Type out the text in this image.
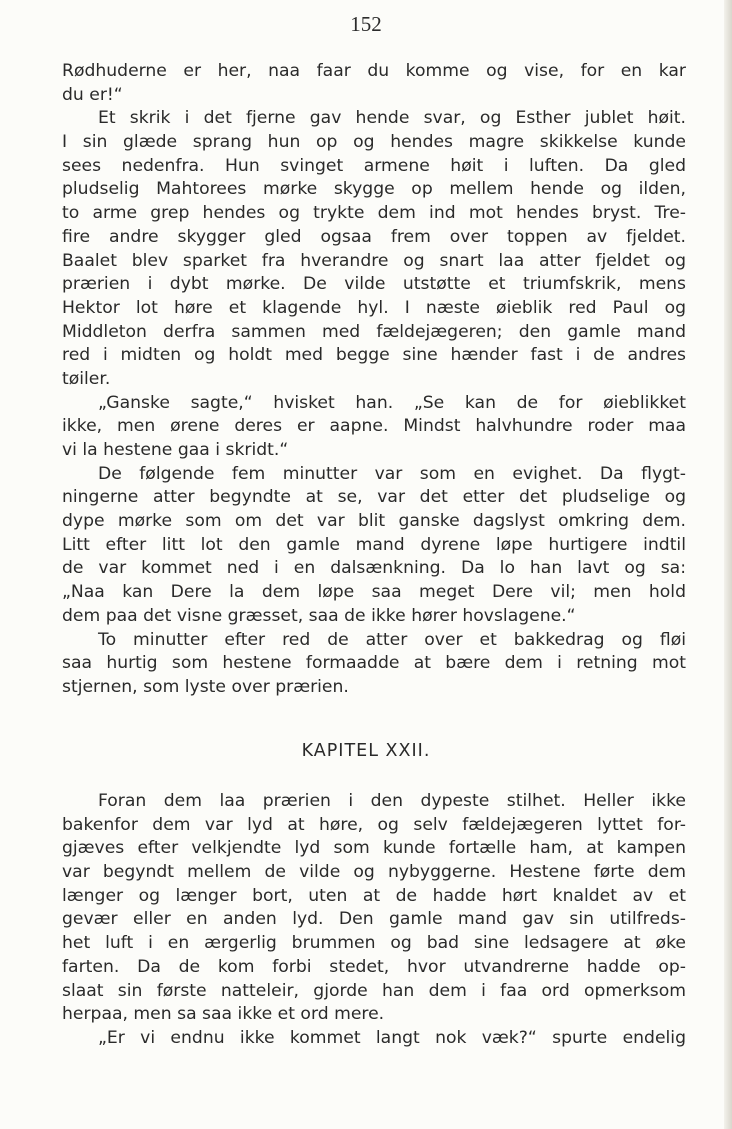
152
Rødhuderne er her, naa faar du komme og vise, for en kar
du er!“
Et skrik i det fjerne gav hende svar, og Esther jublet høit.
I sin glæde sprang hun op og hendes magre skikkelse kunde
sees nedenfra. Hun svinget armene høit i luften. Da gled
pludselig Mahtorees mørke skygge op mellem hende og ilden,
to arme grep hendes og trykte dem ind mot hendes bryst. Tre-
fire andre skygger gled ogsaa frem over toppen av fjeldet.
Baalet blev sparket fra hverandre og snart laa atter fjeldet og
prærien i dybt mørke. De vilde utstøtte et triumfskrik, mens
Hektor lot høre et klagende hyl. I næste øieblik red Paul og
Middleton derfra sammen med fældejægeren; den gamle mand
red i midten og holdt med begge sine hænder fast i de andres
tøiler.
„Ganske sagte,“ hvisket han. „Se kan de for øieblikket
ikke, men ørene deres er aapne. Mindst halvhundre roder maa
vi la hestene gaa i skridt.“
De følgende fem minutter var som en evighet. Da flygt-
ningerne atter begyndte at se, var det etter det pludselige og
dype mørke som om det var blit ganske dagslyst omkring dem.
Litt efter litt lot den gamle mand dyrene løpe hurtigere indtil
de var kommet ned i en dalsænkning. Da lo han lavt og sa:
„Naa kan Dere la dem løpe saa meget Dere vil; men hold
dem paa det visne græsset, saa de ikke hører hovslagene.“
To minutter efter red de atter over et bakkedrag og fløi
saa hurtig som hestene formaadde at bære dem i retning mot
stjernen, som lyste over prærien.
KAPITEL XXII.
Foran dem laa prærien i den dypeste stilhet. Heller ikke
bakenfor dem var lyd at høre, og selv fældejægeren lyttet for-
gjæves efter velkjendte lyd som kunde fortælle ham, at kampen
var begyndt mellem de vilde og nybyggerne. Hestene førte dem
længer og længer bort, uten at de hadde hørt knaldet av et
gevær eller en anden lyd. Den gamle mand gav sin utilfreds-
het luft i en ærgerlig brummen og bad sine ledsagere at øke
farten. Da de kom forbi stedet, hvor utvandrerne hadde op-
slaat sin første natteleir, gjorde han dem i faa ord opmerksom
herpaa, men sa saa ikke et ord mere.
„Er vi endnu ikke kommet langt nok væk?“ spurte endelig
